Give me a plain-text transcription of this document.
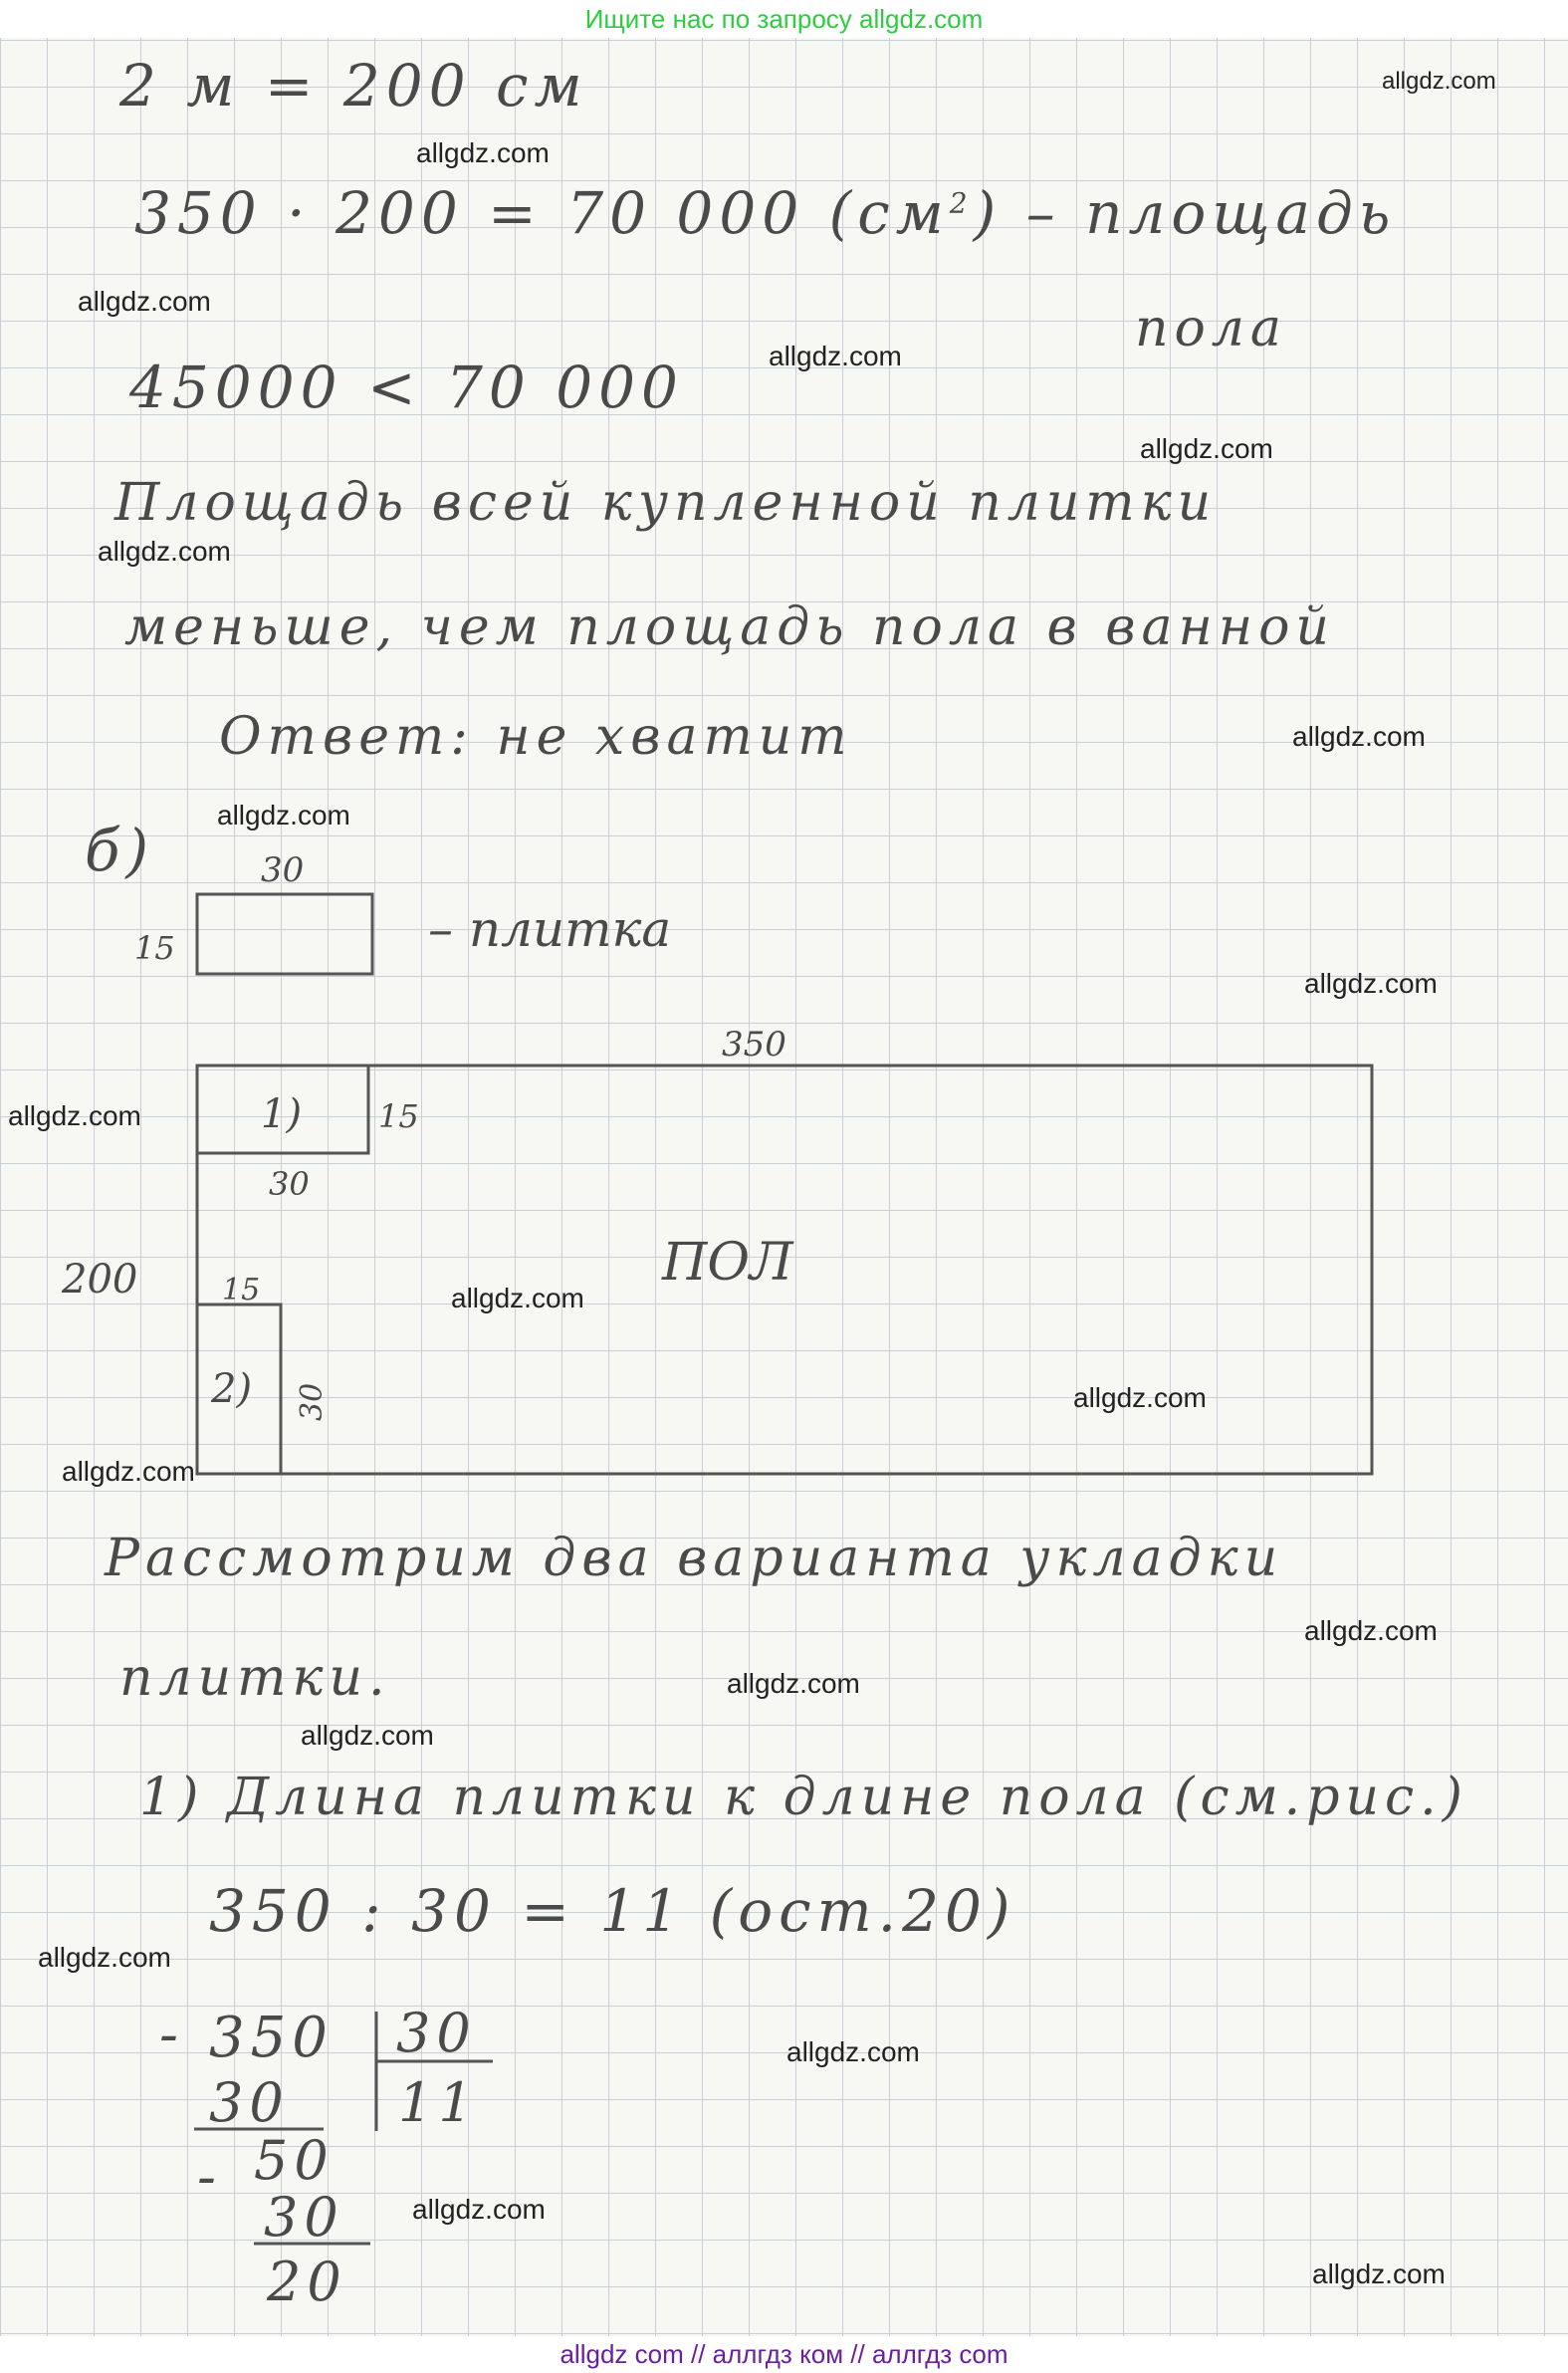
Ищите нас по запросу allgdz.com
2 м = 200 см
350 · 200 = 70 000 $(см^2)$ – площадь
пола
45000 < 70 000
Площадь всей купленной плитки
меньше, чем площадь пола в ванной
Ответ: не хватит
б)	30
15	– плитка
350
200	ПОЛ
1) 15
30
15
2) 30
- 350 30
11
30
- 50
30
20
Рассмотрим два варианта укладки
плитки.
1) Длина плитки к длине пола (см.рис.)
350 : 30 = 11 (ост.20)
allgdz.com
allgdz.com
allgdz.com
allgdz.com
allgdz.com
allgdz.com
allgdz.com
allgdz.com
allgdz.com
allgdz.com
allgdz.com
allgdz.com
allgdz.com
allgdz.com
allgdz.com
allgdz.com
allgdz.com
allgdz.com
allgdz.com
allgdz.com
allgdz com // аллгдз ком // аллгдз com
